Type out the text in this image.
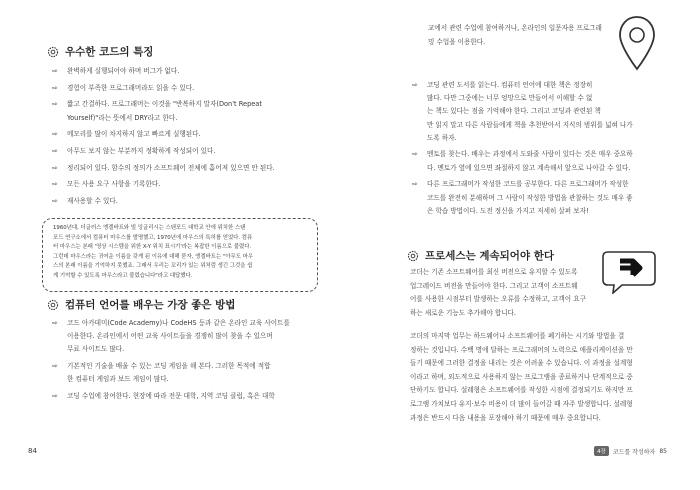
우수한 코드의 특징
⇨ 완벽하게 실행되어야 하며 버그가 없다.
⇨ 경험이 부족한 프로그래머라도 읽을 수 있다.
⇨ 짧고 간결하다. 프로그래머는 이것을 "반복하지 말자(Don't Repeat
Yourself)"라는 뜻에서 DRY라고 한다.
⇨ 메모리를 많이 차지하지 않고 빠르게 실행된다.
⇨ 아무도 보지 않는 부분까지 정확하게 작성되어 있다.
⇨ 정리되어 있다. 함수의 정의가 소프트웨어 전체에 흩어져 있으면 안 된다.
⇨ 모든 사용 요구 사항을 기록한다.
⇨ 재사용할 수 있다.
1960년대, 더글러스 엥겔바트와 빌 잉글리시는 스탠포드 대학교 안에 위치한 스탠
포드 연구소에서 컴퓨터 마우스를 발명했고, 1970년에 마우스의 특허를 얻었다. 컴퓨
터 마우스는 본래 '영상 시스템을 위한 X-Y 위치 표시기'라는 복잡한 이름으로 불렸다.
그런데 마우스라는 귀여운 이름을 갖게 된 이유에 대해 묻자, 엥겔바트는 "아무도 마우
스의 본래 이름을 기억하지 못했죠. 그래서 우리는 꼬리가 있는 위처럼 생긴 그것을 쉽
게 기억할 수 있도록 마우스라고 불렀습니다"라고 대답했다.
컴퓨터 언어를 배우는 가장 좋은 방법
⇨ 코드 아카데미(Code Academy)나 CodeHS 등과 같은 온라인 교육 사이트를
이용한다. 온라인에서 어떤 교육 사이트들을 경쟁히 많이 찾을 수 있으며
무료 사이트도 많다.
⇨ 기본적인 기술을 배울 수 있는 코딩 게임을 해 본다. 그러한 목적에 적합
한 컴퓨터 게임과 보드 게임이 많다.
⇨ 코딩 수업에 참여한다. 현장에 따라 전문 대학, 지역 코딩 클럽, 혹은 대학
84
교에서 관련 수업에 참여하거나, 온라인의 일문자용 프로그래
밍 수업을 이용한다.
⇨ 코딩 관련 도서를 읽는다. 컴퓨터 언어에 대한 책은 정장히
많다. 다만 그중에는 너무 엉망으로 만들어서 이해할 수 없
는 책도 있다는 점을 기억해야 한다. 그리고 코딩과 관련된 책
만 읽지 말고 다른 사람들에게 책을 추천받아서 지식의 범위를 넓혀 나가
도록 하자.
⇨ 멘토를 찾는다. 배우는 과정에서 도와줄 사람이 있다는 것은 매우 중요하
다. 멘토가 옆에 있으면 좌절하지 않고 계속해서 앞으로 나아갈 수 있다.
⇨ 다른 프로그래머가 작성한 코드를 공부한다. 다른 프로그래머가 작성한
코드를 완전히 분해하며 그 사람이 작성한 방법을 관찰하는 것도 매우 좋
은 학습 방법이다. 도전 정신을 가지고 저세히 살펴 보자!
프로세스는 계속되어야 한다
코더는 기존 소프트웨어를 최신 버전으로 유지할 수 있도록
업그레이드 버전을 만들어야 한다. 그리고 고객이 소프트웨
어를 사용한 시점부터 발생하는 오류를 수정하고, 고객이 요구
하는 새로운 기능도 추가해야 합니다.
코더의 마지막 업무는 하드웨어나 소프트웨어를 폐기하는 시기와 방법을 결
정하는 것입니다. 수백 명에 달하는 프로그래머의 노력으로 애플리케이션을 만
들기 때문에 그러한 결정을 내리는 것은 어려울 수 있습니다. 이 과정을 설계형
이라고 하며, 외도적으로 사용하지 않는 프로그램을 종료하거나 단계적으로 중
단하기도 합니다. 설레형은 소프트웨어를 작성한 시점에 결정되기도 하지만 프
로그램 가치보다 유지·보수 비용이 더 많이 들어갈 때 자주 발생합니다. 설레형
과정은 반드시 다음 내용을 포장해야 하기 때문에 매우 중요합니다.
4장	코드를 작성하자 85
